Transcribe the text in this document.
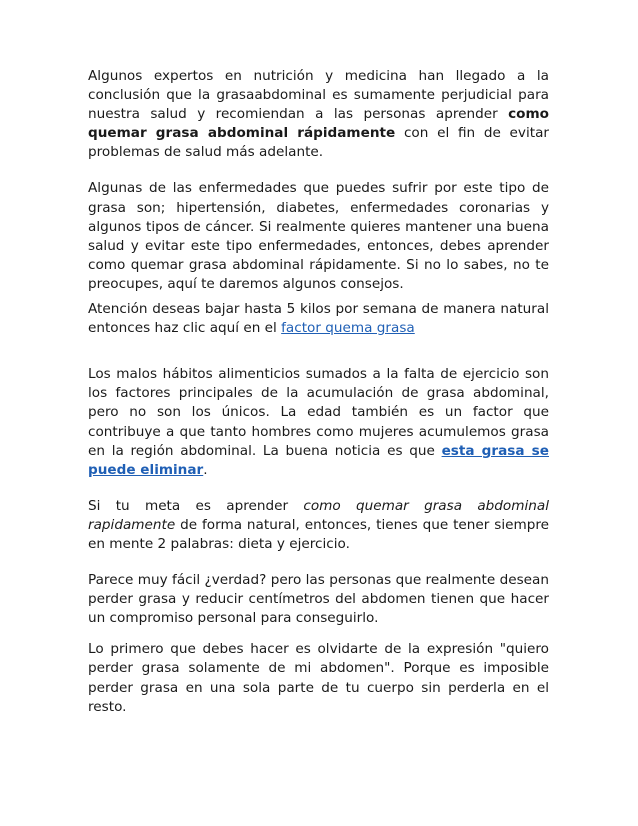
Algunos expertos en nutrición y medicina han llegado a la conclusión que la grasaabdominal es sumamente perjudicial para nuestra salud y recomiendan a las personas aprender como quemar grasa abdominal rápidamente con el fin de evitar problemas de salud más adelante.

Algunas de las enfermedades que puedes sufrir por este tipo de grasa son; hipertensión, diabetes, enfermedades coronarias y algunos tipos de cáncer. Si realmente quieres mantener una buena salud y evitar este tipo enfermedades, entonces, debes aprender como quemar grasa abdominal rápidamente. Si no lo sabes, no te preocupes, aquí te daremos algunos consejos.

Atención deseas bajar hasta 5 kilos por semana de manera natural entonces haz clic aquí en el factor quema grasa

Los malos hábitos alimenticios sumados a la falta de ejercicio son los factores principales de la acumulación de grasa abdominal, pero no son los únicos. La edad también es un factor que contribuye a que tanto hombres como mujeres acumulemos grasa en la región abdominal. La buena noticia es que esta grasa se puede eliminar.

Si tu meta es aprender como quemar grasa abdominal rapidamente de forma natural, entonces, tienes que tener siempre en mente 2 palabras: dieta y ejercicio.

Parece muy fácil ¿verdad? pero las personas que realmente desean perder grasa y reducir centímetros del abdomen tienen que hacer un compromiso personal para conseguirlo.

Lo primero que debes hacer es olvidarte de la expresión "quiero perder grasa solamente de mi abdomen". Porque es imposible perder grasa en una sola parte de tu cuerpo sin perderla en el resto.
